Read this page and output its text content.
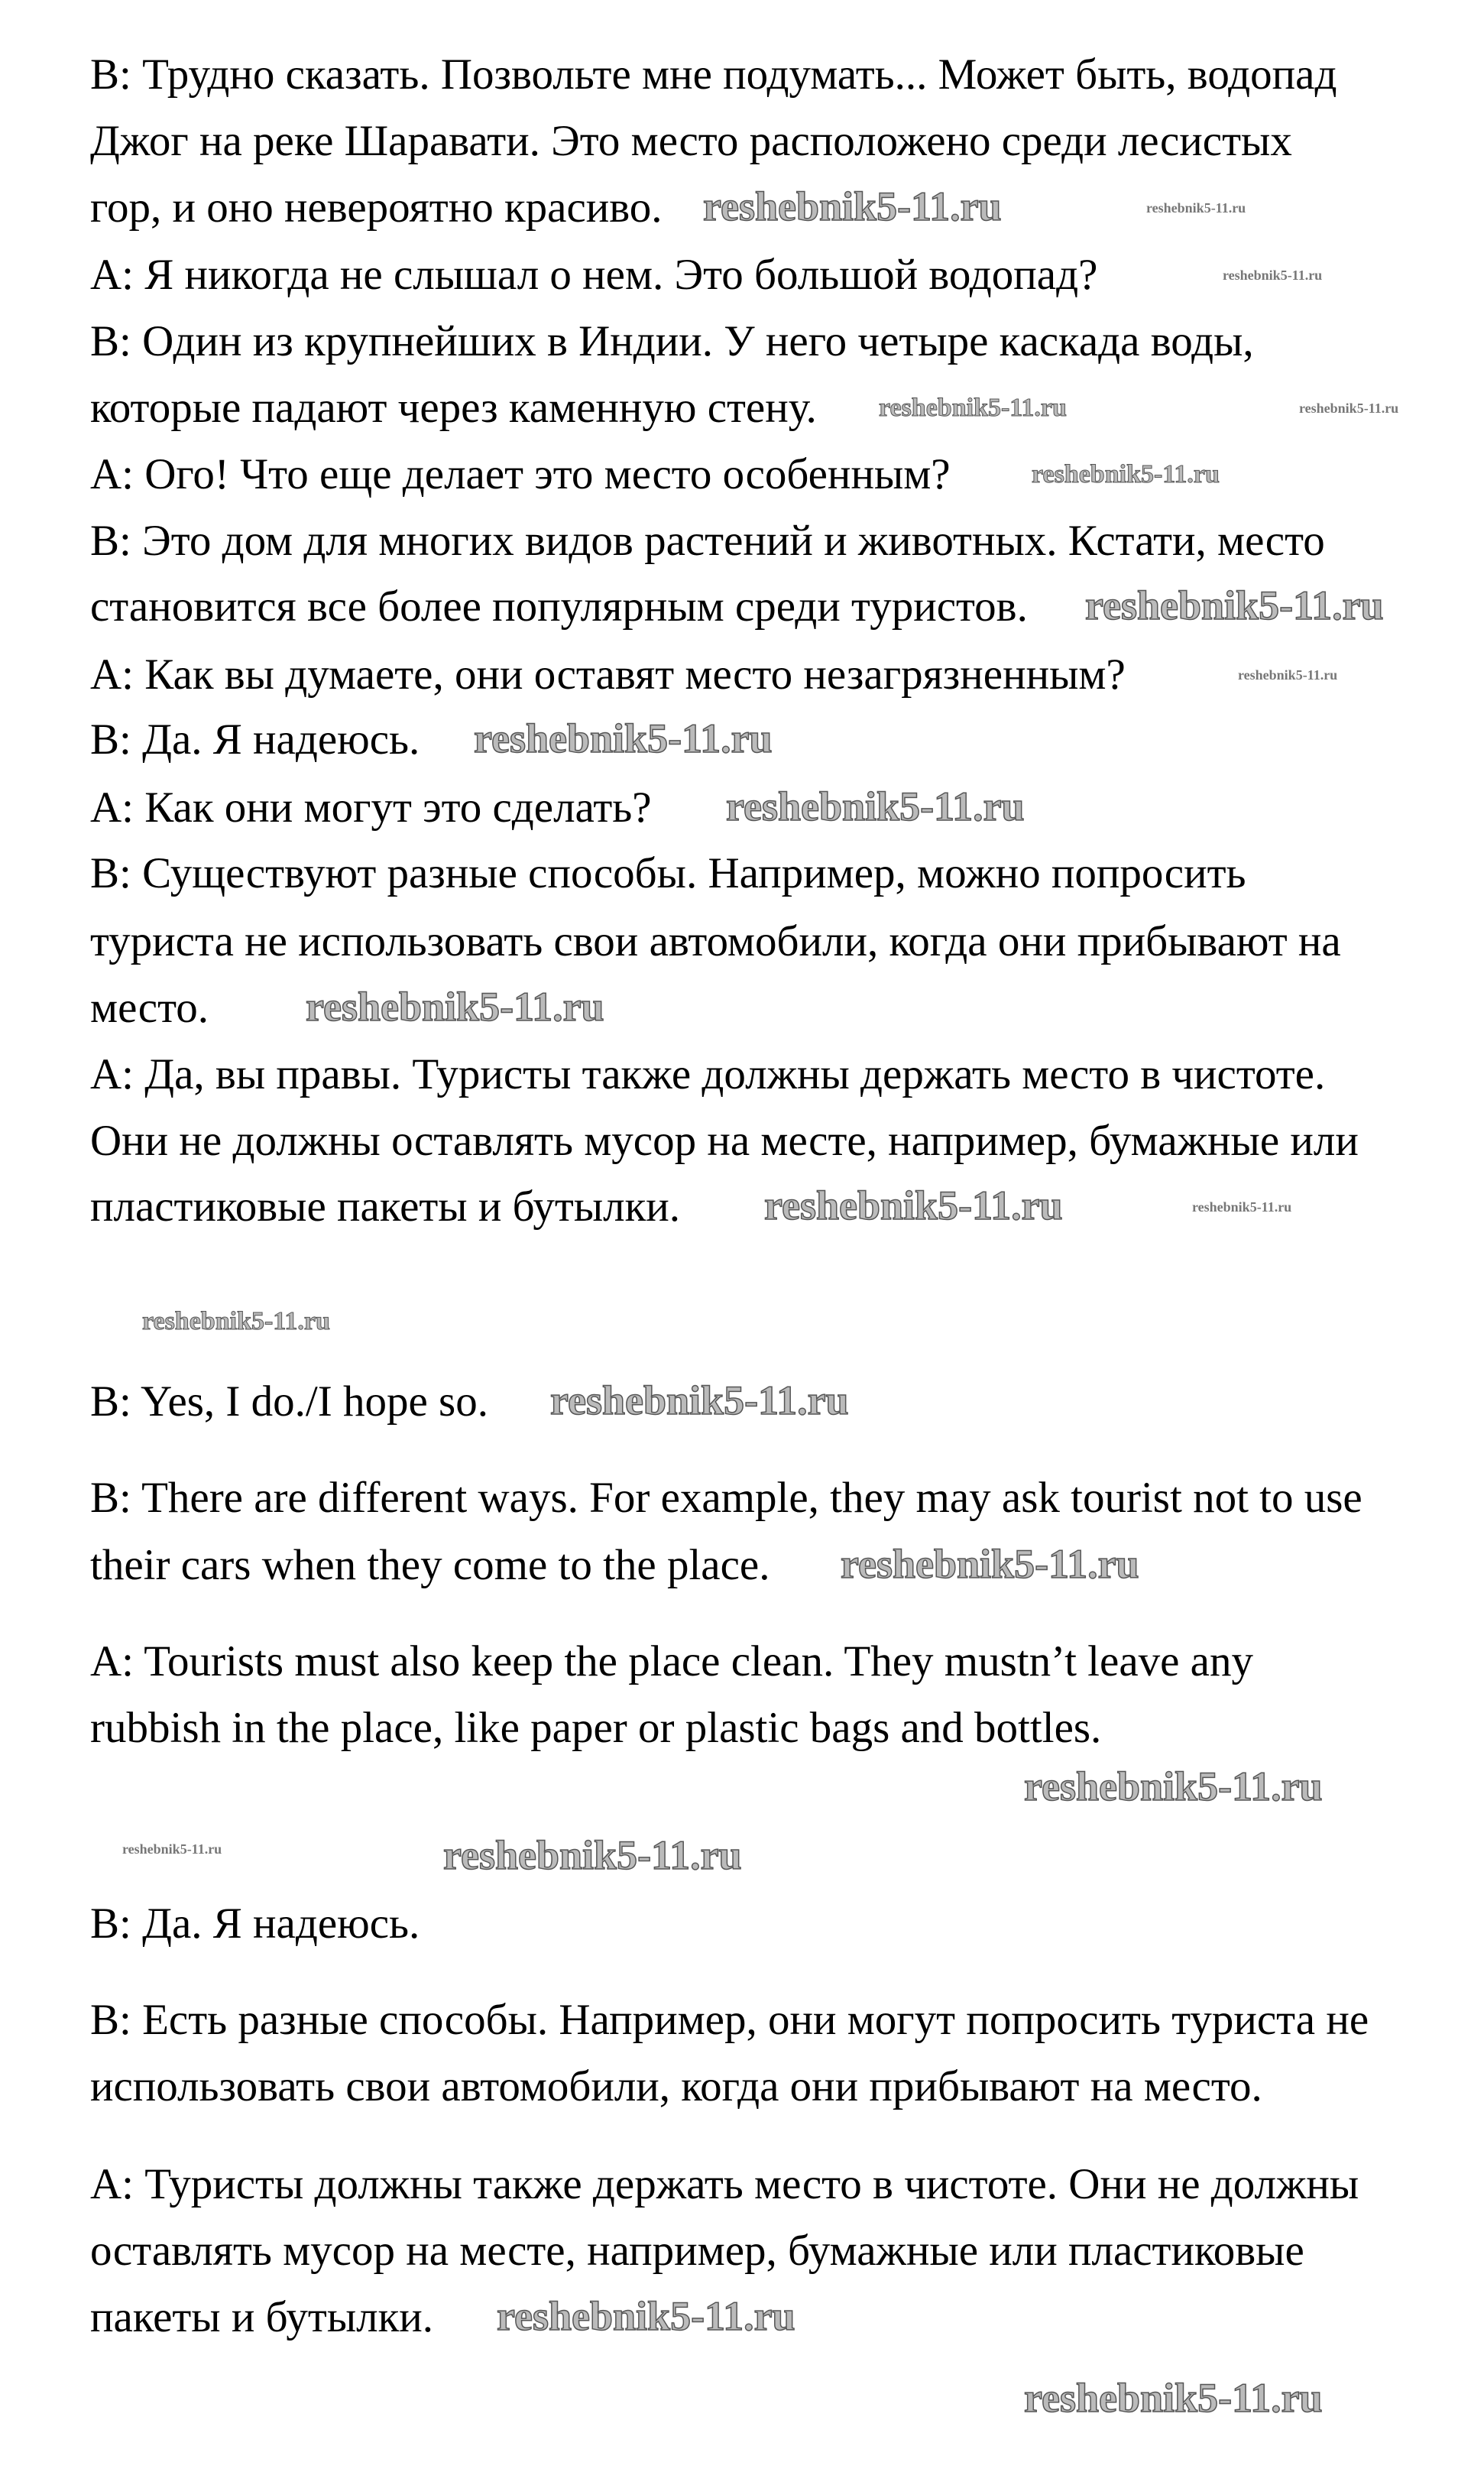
B: Трудно сказать. Позвольте мне подумать... Может быть, водопад
Джог на реке Шаравати. Это место расположено среди лесистых
гор, и оно невероятно красиво.
A: Я никогда не слышал о нем. Это большой водопад?
B: Один из крупнейших в Индии. У него четыре каскада воды,
которые падают через каменную стену.
A: Ого! Что еще делает это место особенным?
B: Это дом для многих видов растений и животных. Кстати, место
становится все более популярным среди туристов.
A: Как вы думаете, они оставят место незагрязненным?
B: Да. Я надеюсь.
A: Как они могут это сделать?
B: Существуют разные способы. Например, можно попросить
туриста не использовать свои автомобили, когда они прибывают на
место.
A: Да, вы правы. Туристы также должны держать место в чистоте.
Они не должны оставлять мусор на месте, например, бумажные или
пластиковые пакеты и бутылки.
B: Yes, I do./I hope so.
B: There are different ways. For example, they may ask tourist not to use
their cars when they come to the place.
A: Tourists must also keep the place clean. They mustn’t leave any
rubbish in the place, like paper or plastic bags and bottles.
B: Да. Я надеюсь.
B: Есть разные способы. Например, они могут попросить туриста не
использовать свои автомобили, когда они прибывают на место.
A: Туристы должны также держать место в чистоте. Они не должны
оставлять мусор на месте, например, бумажные или пластиковые
пакеты и бутылки.
reshebnik5-11.ru
reshebnik5-11.ru
reshebnik5-11.ru
reshebnik5-11.ru
reshebnik5-11.ru
reshebnik5-11.ru
reshebnik5-11.ru
reshebnik5-11.ru
reshebnik5-11.ru
reshebnik5-11.ru
reshebnik5-11.ru
reshebnik5-11.ru	reshebnik5-11.ru
reshebnik5-11.ru
reshebnik5-11.ru
reshebnik5-11.ru
reshebnik5-11.ru
reshebnik5-11.ru	reshebnik5-11.ru
reshebnik5-11.ru
reshebnik5-11.ru
